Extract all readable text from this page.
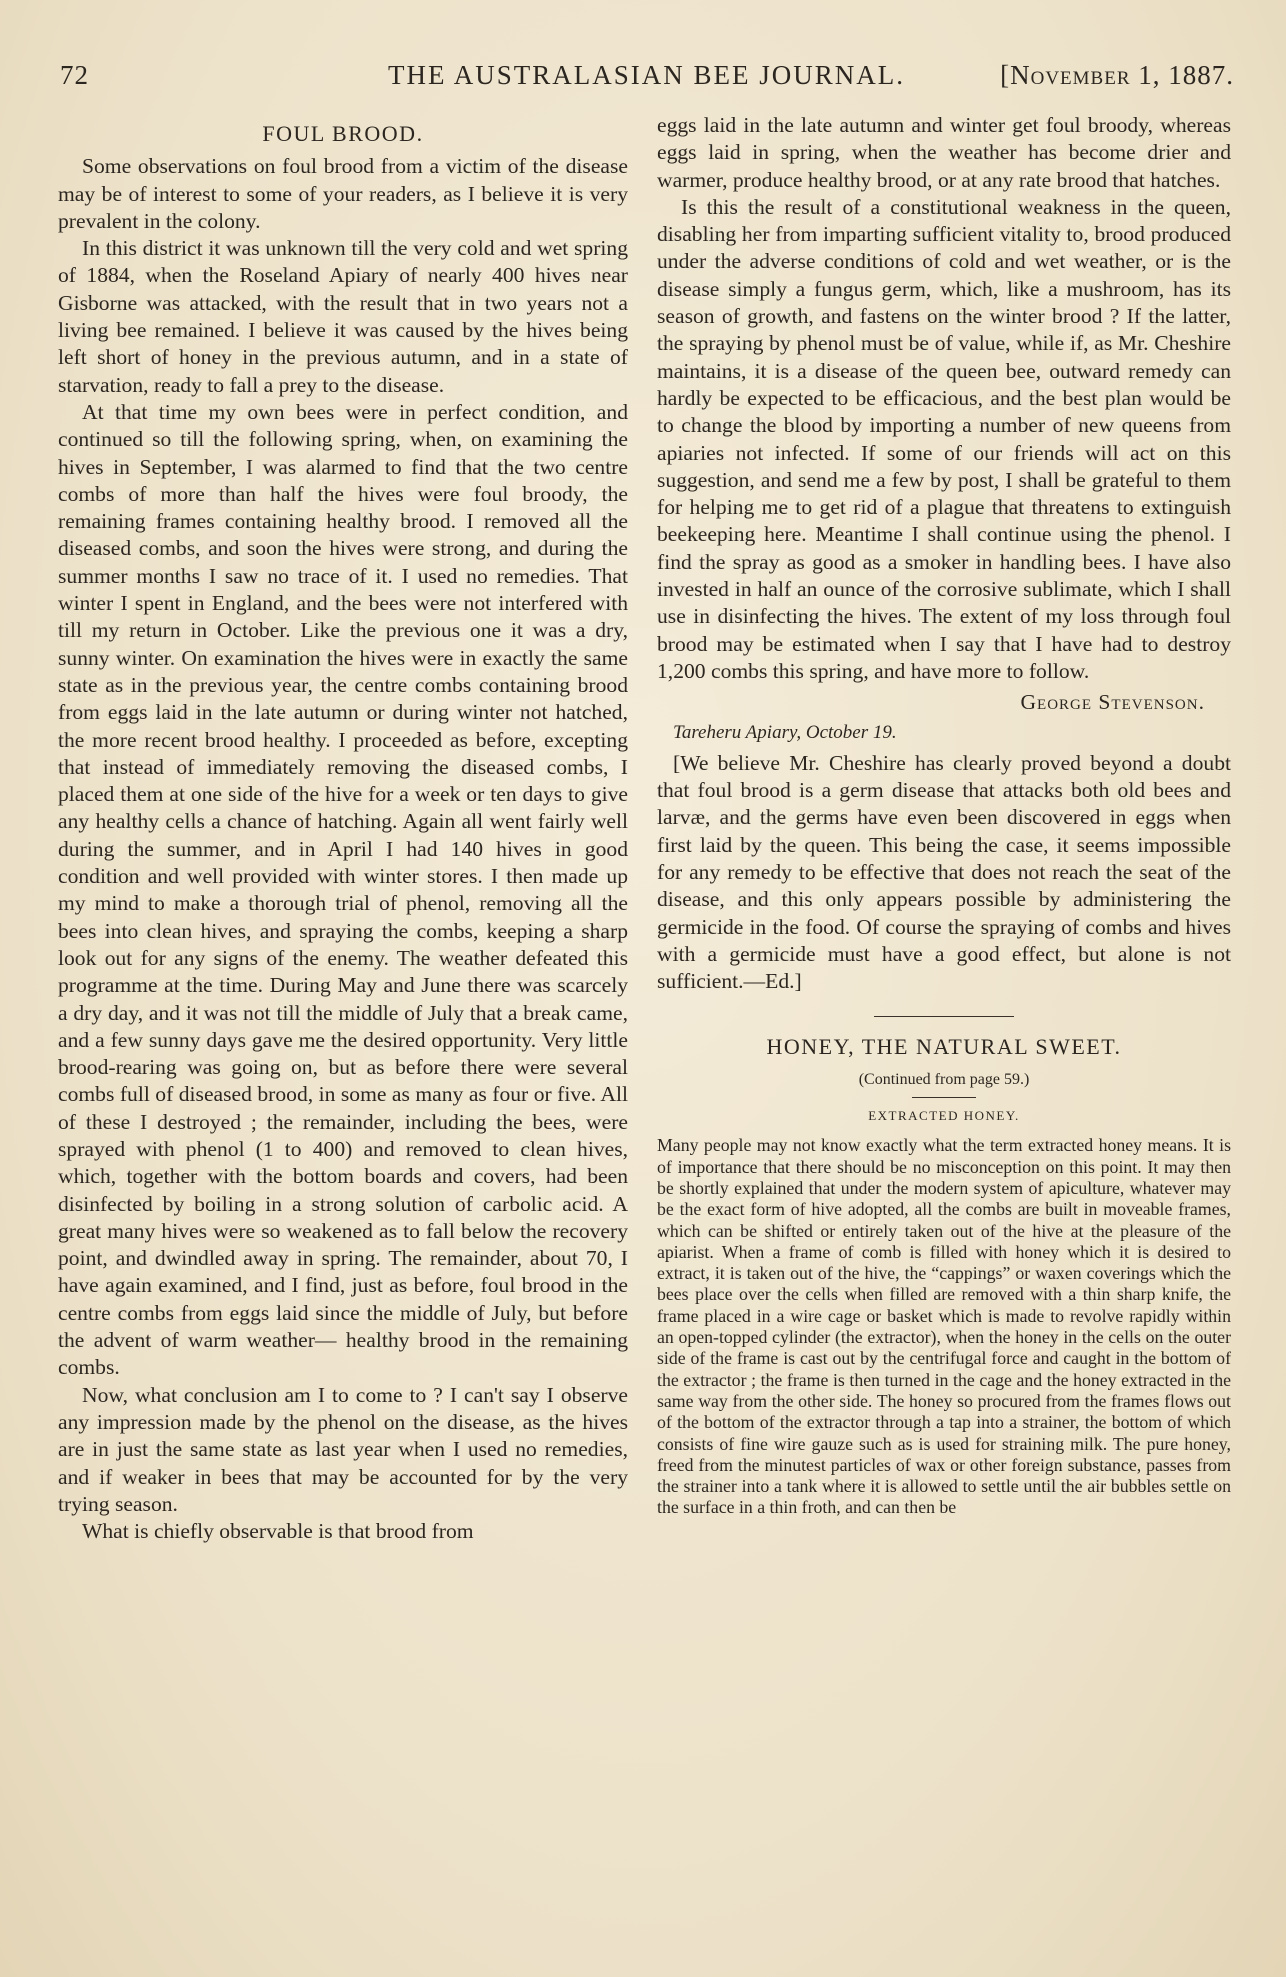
72	THE AUSTRALASIAN BEE JOURNAL.	[November 1, 1887.
FOUL BROOD.

Some observations on foul brood from a victim of the disease may be of interest to some of your readers, as I believe it is very prevalent in the colony.

In this district it was unknown till the very cold and wet spring of 1884, when the Roseland Apiary of nearly 400 hives near Gisborne was attacked, with the result that in two years not a living bee remained. I believe it was caused by the hives being left short of honey in the previous autumn, and in a state of starvation, ready to fall a prey to the disease.

At that time my own bees were in perfect condition, and continued so till the following spring, when, on examining the hives in September, I was alarmed to find that the two centre combs of more than half the hives were foul broody, the remaining frames containing healthy brood. I removed all the diseased combs, and soon the hives were strong, and during the summer months I saw no trace of it. I used no remedies. That winter I spent in England, and the bees were not interfered with till my return in October. Like the previous one it was a dry, sunny winter. On examination the hives were in exactly the same state as in the previous year, the centre combs containing brood from eggs laid in the late autumn or during winter not hatched, the more recent brood healthy. I proceeded as before, excepting that instead of immediately removing the diseased combs, I placed them at one side of the hive for a week or ten days to give any healthy cells a chance of hatching. Again all went fairly well during the summer, and in April I had 140 hives in good condition and well provided with winter stores. I then made up my mind to make a thorough trial of phenol, removing all the bees into clean hives, and spraying the combs, keeping a sharp look out for any signs of the enemy. The weather defeated this programme at the time. During May and June there was scarcely a dry day, and it was not till the middle of July that a break came, and a few sunny days gave me the desired opportunity. Very little brood-rearing was going on, but as before there were several combs full of diseased brood, in some as many as four or five. All of these I destroyed ; the remainder, including the bees, were sprayed with phenol (1 to 400) and removed to clean hives, which, together with the bottom boards and covers, had been disinfected by boiling in a strong solution of carbolic acid. A great many hives were so weakened as to fall below the recovery point, and dwindled away in spring. The remainder, about 70, I have again examined, and I find, just as before, foul brood in the centre combs from eggs laid since the middle of July, but before the advent of warm weather— healthy brood in the remaining combs.

Now, what conclusion am I to come to ? I can't say I observe any impression made by the phenol on the disease, as the hives are in just the same state as last year when I used no remedies, and if weaker in bees that may be accounted for by the very trying season.

What is chiefly observable is that brood from

eggs laid in the late autumn and winter get foul broody, whereas eggs laid in spring, when the weather has become drier and warmer, produce healthy brood, or at any rate brood that hatches.

Is this the result of a constitutional weakness in the queen, disabling her from imparting sufficient vitality to, brood produced under the adverse conditions of cold and wet weather, or is the disease simply a fungus germ, which, like a mushroom, has its season of growth, and fastens on the winter brood ? If the latter, the spraying by phenol must be of value, while if, as Mr. Cheshire maintains, it is a disease of the queen bee, outward remedy can hardly be expected to be efficacious, and the best plan would be to change the blood by importing a number of new queens from apiaries not infected. If some of our friends will act on this suggestion, and send me a few by post, I shall be grateful to them for helping me to get rid of a plague that threatens to extinguish beekeeping here. Meantime I shall continue using the phenol. I find the spray as good as a smoker in handling bees. I have also invested in half an ounce of the corrosive sublimate, which I shall use in disinfecting the hives. The extent of my loss through foul brood may be estimated when I say that I have had to destroy 1,200 combs this spring, and have more to follow.

George Stevenson.
Tareheru Apiary, October 19.

[We believe Mr. Cheshire has clearly proved beyond a doubt that foul brood is a germ disease that attacks both old bees and larvæ, and the germs have even been discovered in eggs when first laid by the queen. This being the case, it seems impossible for any remedy to be effective that does not reach the seat of the disease, and this only appears possible by administering the germicide in the food. Of course the spraying of combs and hives with a germicide must have a good effect, but alone is not sufficient.—Ed.]

HONEY, THE NATURAL SWEET.
(Continued from page 59.)
EXTRACTED HONEY.

Many people may not know exactly what the term extracted honey means. It is of importance that there should be no misconception on this point. It may then be shortly explained that under the modern system of apiculture, whatever may be the exact form of hive adopted, all the combs are built in moveable frames, which can be shifted or entirely taken out of the hive at the pleasure of the apiarist. When a frame of comb is filled with honey which it is desired to extract, it is taken out of the hive, the “cappings” or waxen coverings which the bees place over the cells when filled are removed with a thin sharp knife, the frame placed in a wire cage or basket which is made to revolve rapidly within an open-topped cylinder (the extractor), when the honey in the cells on the outer side of the frame is cast out by the centrifugal force and caught in the bottom of the extractor ; the frame is then turned in the cage and the honey extracted in the same way from the other side. The honey so procured from the frames flows out of the bottom of the extractor through a tap into a strainer, the bottom of which consists of fine wire gauze such as is used for straining milk. The pure honey, freed from the minutest particles of wax or other foreign substance, passes from the strainer into a tank where it is allowed to settle until the air bubbles settle on the surface in a thin froth, and can then be
